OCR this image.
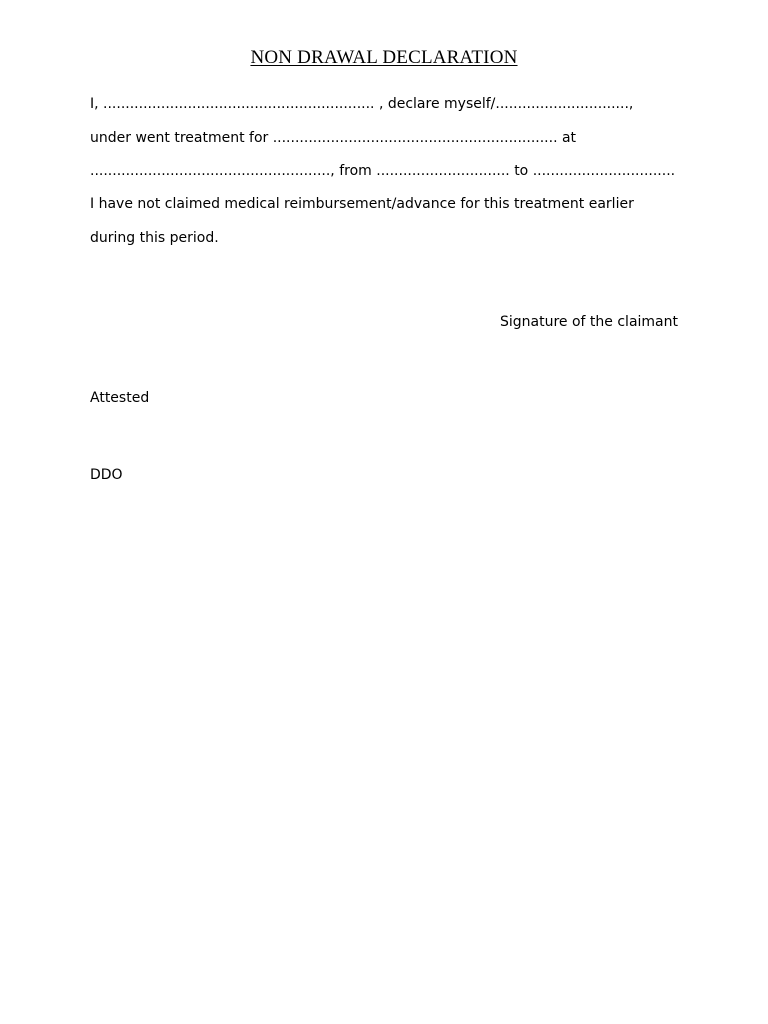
NON DRAWAL DECLARATION
I, ............................................................. , declare myself/..............................,
under went treatment for ................................................................ at
......................................................, from .............................. to ................................
I have not claimed medical reimbursement/advance for this treatment earlier
during this period.
Signature of the claimant
Attested
DDO
